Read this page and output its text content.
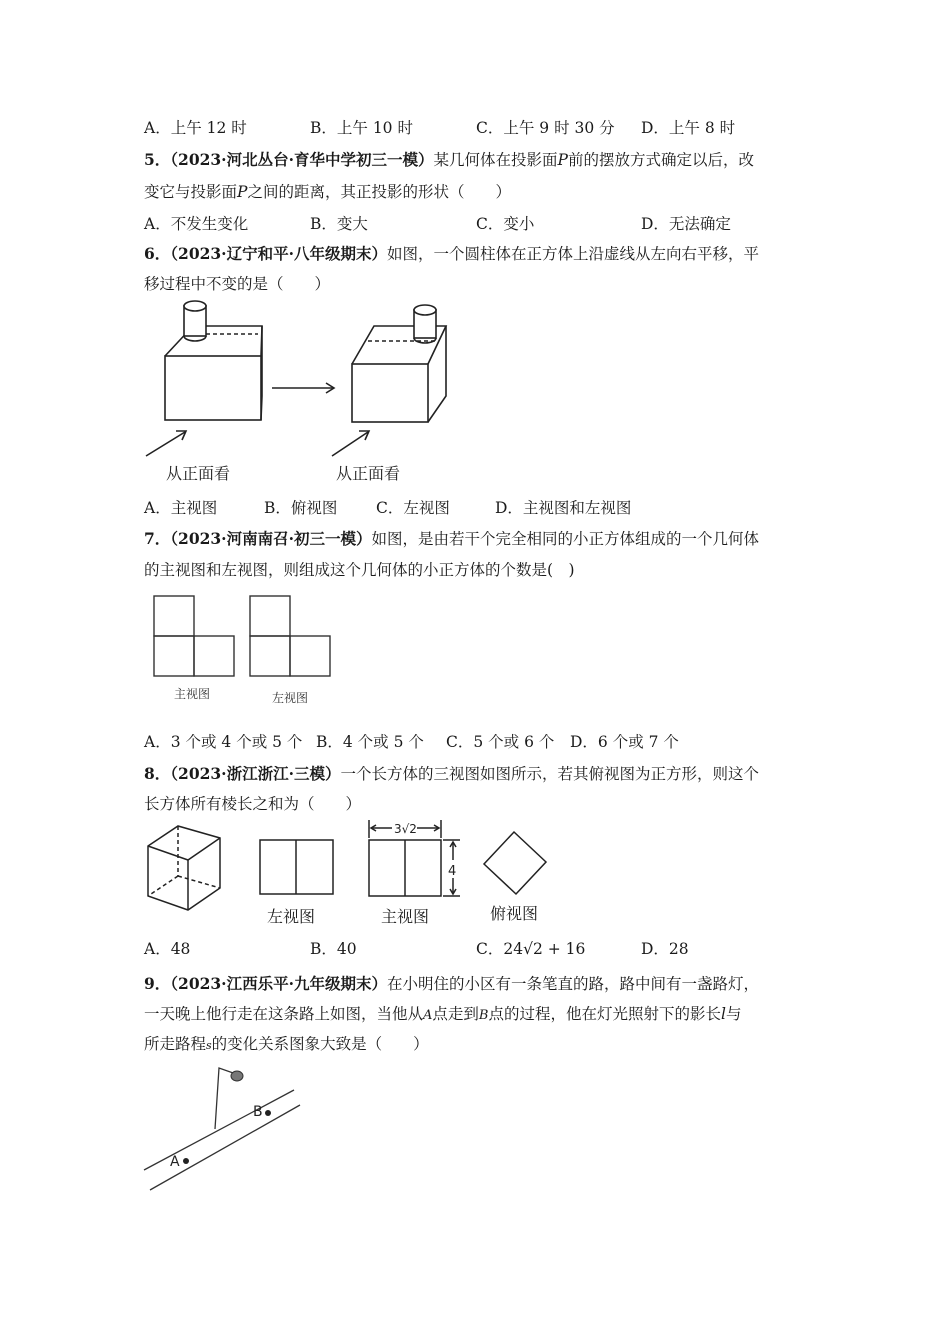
A．上午 12 时	B．上午 10 时	C．上午 9 时 30 分 D．上午 8 时
5．（2023·河北丛台·育华中学初三一模）某几何体在投影面P前的摆放方式确定以后，改
变它与投影面P之间的距离，其正投影的形状（　　）
A．不发生变化	B．变大	C．变小	D．无法确定
6．（2023·辽宁和平·八年级期末）如图，一个圆柱体在正方体上沿虚线从左向右平移，平
移过程中不变的是（　　）
从正面看	从正面看
A．主视图	B．俯视图 C．左视图	D．主视图和左视图
7．（2023·河南南召·初三一模）如图，是由若干个完全相同的小正方体组成的一个几何体
的主视图和左视图，则组成这个几何体的小正方体的个数是(　)
主视图	左视图
A．3 个或 4 个或 5 个 B．4 个或 5 个 C．5 个或 6 个 D．6 个或 7 个
8．（2023·浙江浙江·三模）一个长方体的三视图如图所示，若其俯视图为正方形，则这个
长方体所有棱长之和为（　　）
3√2
4
左视图	主视图	俯视图
A．48	B．40	C．24√2 + 16	D．28
9．（2023·江西乐平·九年级期末）在小明住的小区有一条笔直的路，路中间有一盏路灯，
一天晚上他行走在这条路上如图，当他从A点走到B点的过程，他在灯光照射下的影长l与
所走路程s的变化关系图象大致是（　　）
B
A
